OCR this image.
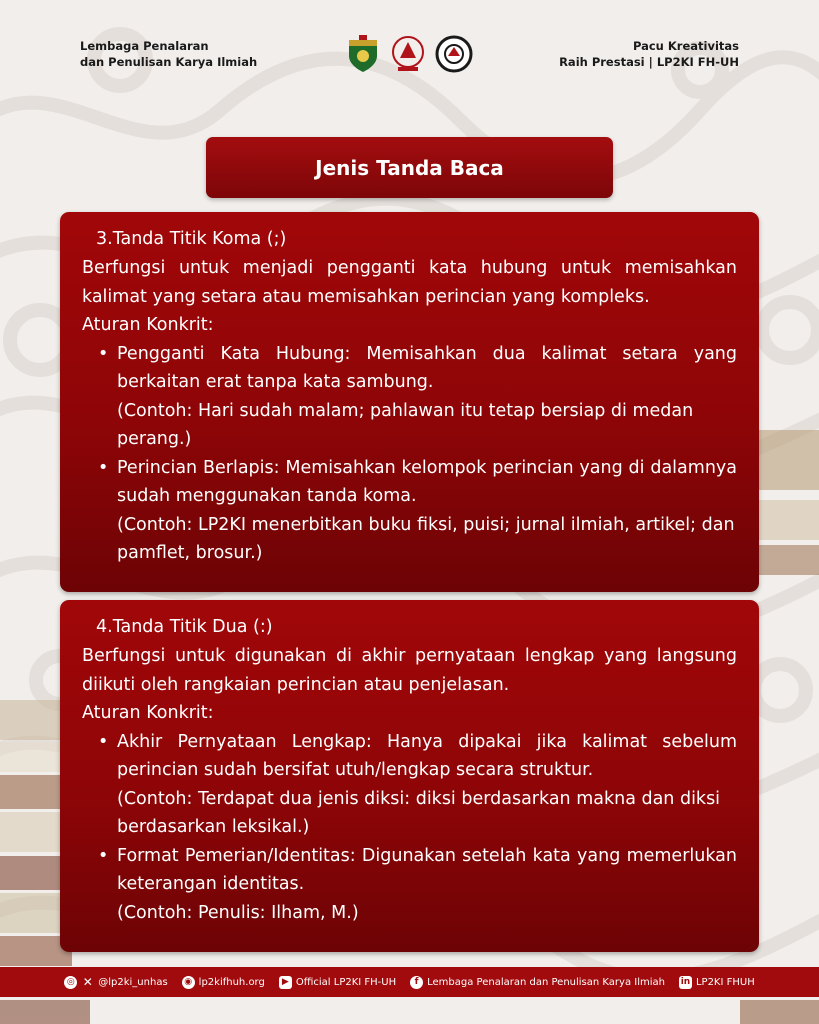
Lembaga Penalaran
dan Penulisan Karya Ilmiah
Pacu Kreativitas
Raih Prestasi | LP2KI FH-UH
Jenis Tanda Baca
3.Tanda Titik Koma (;)
Berfungsi untuk menjadi pengganti kata hubung untuk memisahkan kalimat yang setara atau memisahkan perincian yang kompleks.
Aturan Konkrit:
• Pengganti Kata Hubung: Memisahkan dua kalimat setara yang berkaitan erat tanpa kata sambung.
(Contoh: Hari sudah malam; pahlawan itu tetap bersiap di medan perang.)
• Perincian Berlapis: Memisahkan kelompok perincian yang di dalamnya sudah menggunakan tanda koma.
(Contoh: LP2KI menerbitkan buku fiksi, puisi; jurnal ilmiah, artikel; dan pamflet, brosur.)
4.Tanda Titik Dua (:)
Berfungsi untuk digunakan di akhir pernyataan lengkap yang langsung diikuti oleh rangkaian perincian atau penjelasan.
Aturan Konkrit:
• Akhir Pernyataan Lengkap: Hanya dipakai jika kalimat sebelum perincian sudah bersifat utuh/lengkap secara struktur.
(Contoh: Terdapat dua jenis diksi: diksi berdasarkan makna dan diksi berdasarkan leksikal.)
• Format Pemerian/Identitas: Digunakan setelah kata yang memerlukan keterangan identitas.
(Contoh: Penulis: Ilham, M.)
◎ ✕ @lp2ki_unhas ◉ lp2kifhuh.org	▶ Official LP2KI FH-UH	f Lembaga Penalaran dan Penulisan Karya Ilmiah in LP2KI FHUH
